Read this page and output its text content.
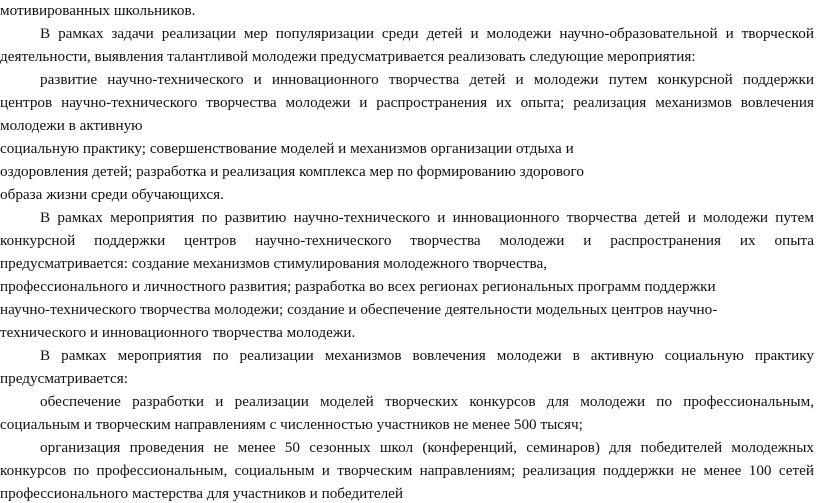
мотивированных школьников.
В рамках задачи реализации мер популяризации среди детей и молодежи научно-образовательной и творческой
деятельности, выявления талантливой молодежи предусматривается реализовать следующие мероприятия:
развитие научно-технического и инновационного творчества детей и молодежи путем конкурсной поддержки
центров научно-технического творчества молодежи и распространения их опыта; реализация механизмов вовлечения
молодежи в активную
социальную практику; совершенствование моделей и механизмов организации отдыха и
оздоровления детей; разработка и реализация комплекса мер по формированию здорового
образа жизни среди обучающихся.
В рамках мероприятия по развитию научно-технического и инновационного творчества детей и молодежи путем
конкурсной поддержки центров научно-технического творчества молодежи и распространения их опыта
предусматривается: создание механизмов стимулирования молодежного творчества,
профессионального и личностного развития; разработка во всех регионах региональных программ поддержки
научно-технического творчества молодежи; создание и обеспечение деятельности модельных центров научно-
технического и инновационного творчества молодежи.
В рамках мероприятия по реализации механизмов вовлечения молодежи в активную социальную практику
предусматривается:
обеспечение разработки и реализации моделей творческих конкурсов для молодежи по профессиональным,
социальным и творческим направлениям с численностью участников не менее 500 тысяч;
организация проведения не менее 50 сезонных школ (конференций, семинаров) для победителей молодежных
конкурсов по профессиональным, социальным и творческим направлениям; реализация поддержки не менее 100 сетей
профессионального мастерства для участников и победителей
